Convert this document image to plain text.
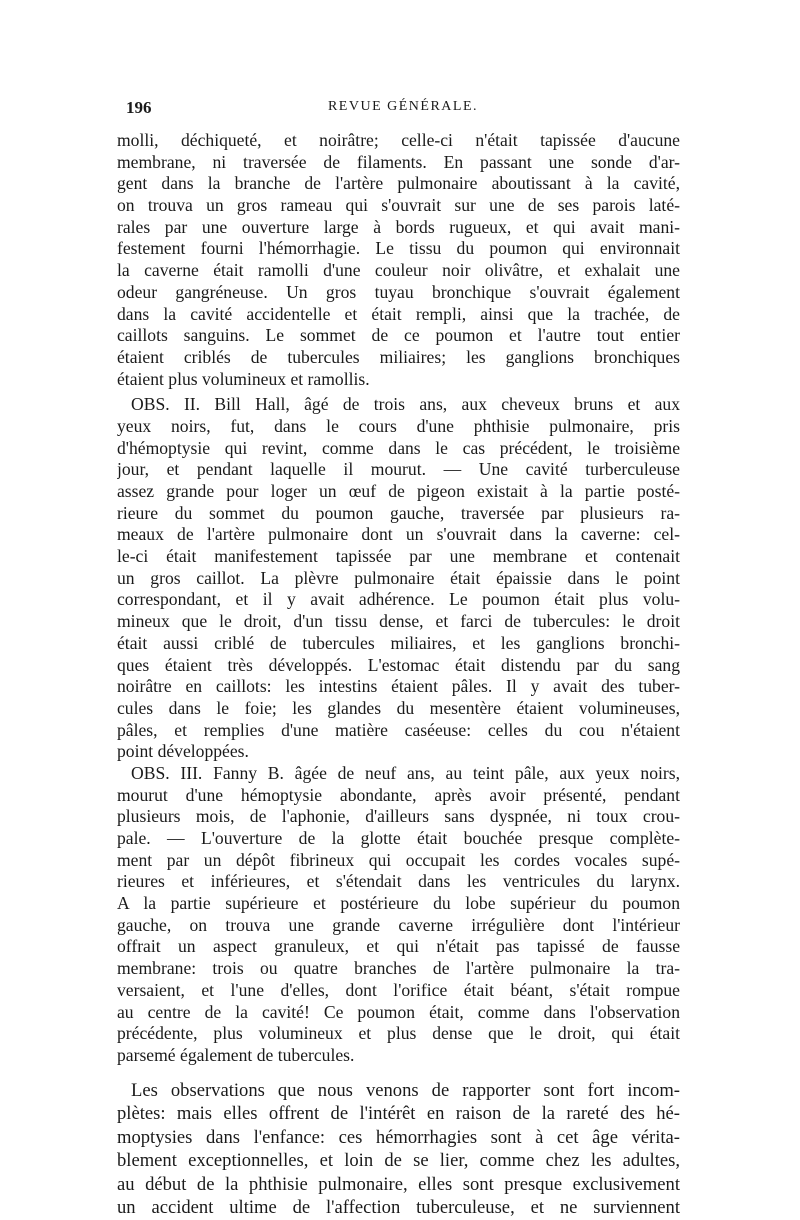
196	REVUE GÉNÉRALE.
molli, déchiqueté, et noirâtre; celle-ci n'était tapissée d'aucune
membrane, ni traversée de filaments. En passant une sonde d'ar-
gent dans la branche de l'artère pulmonaire aboutissant à la cavité,
on trouva un gros rameau qui s'ouvrait sur une de ses parois laté-
rales par une ouverture large à bords rugueux, et qui avait mani-
festement fourni l'hémorrhagie. Le tissu du poumon qui environnait
la caverne était ramolli d'une couleur noir olivâtre, et exhalait une
odeur gangréneuse. Un gros tuyau bronchique s'ouvrait également
dans la cavité accidentelle et était rempli, ainsi que la trachée, de
caillots sanguins. Le sommet de ce poumon et l'autre tout entier
étaient criblés de tubercules miliaires; les ganglions bronchiques
étaient plus volumineux et ramollis.
OBS. II. Bill Hall, âgé de trois ans, aux cheveux bruns et aux
yeux noirs, fut, dans le cours d'une phthisie pulmonaire, pris
d'hémoptysie qui revint, comme dans le cas précédent, le troisième
jour, et pendant laquelle il mourut. — Une cavité turberculeuse
assez grande pour loger un œuf de pigeon existait à la partie posté-
rieure du sommet du poumon gauche, traversée par plusieurs ra-
meaux de l'artère pulmonaire dont un s'ouvrait dans la caverne: cel-
le-ci était manifestement tapissée par une membrane et contenait
un gros caillot. La plèvre pulmonaire était épaissie dans le point
correspondant, et il y avait adhérence. Le poumon était plus volu-
mineux que le droit, d'un tissu dense, et farci de tubercules: le droit
était aussi criblé de tubercules miliaires, et les ganglions bronchi-
ques étaient très développés. L'estomac était distendu par du sang
noirâtre en caillots: les intestins étaient pâles. Il y avait des tuber-
cules dans le foie; les glandes du mesentère étaient volumineuses,
pâles, et remplies d'une matière caséeuse: celles du cou n'étaient
point développées.
OBS. III. Fanny B. âgée de neuf ans, au teint pâle, aux yeux noirs,
mourut d'une hémoptysie abondante, après avoir présenté, pendant
plusieurs mois, de l'aphonie, d'ailleurs sans dyspnée, ni toux crou-
pale. — L'ouverture de la glotte était bouchée presque complète-
ment par un dépôt fibrineux qui occupait les cordes vocales supé-
rieures et inférieures, et s'étendait dans les ventricules du larynx.
A la partie supérieure et postérieure du lobe supérieur du poumon
gauche, on trouva une grande caverne irrégulière dont l'intérieur
offrait un aspect granuleux, et qui n'était pas tapissé de fausse
membrane: trois ou quatre branches de l'artère pulmonaire la tra-
versaient, et l'une d'elles, dont l'orifice était béant, s'était rompue
au centre de la cavité! Ce poumon était, comme dans l'observation
précédente, plus volumineux et plus dense que le droit, qui était
parsemé également de tubercules.
Les observations que nous venons de rapporter sont fort incom-
plètes: mais elles offrent de l'intérêt en raison de la rareté des hé-
moptysies dans l'enfance: ces hémorrhagies sont à cet âge vérita-
blement exceptionnelles, et loin de se lier, comme chez les adultes,
au début de la phthisie pulmonaire, elles sont presque exclusivement
un accident ultime de l'affection tuberculeuse, et ne surviennent
